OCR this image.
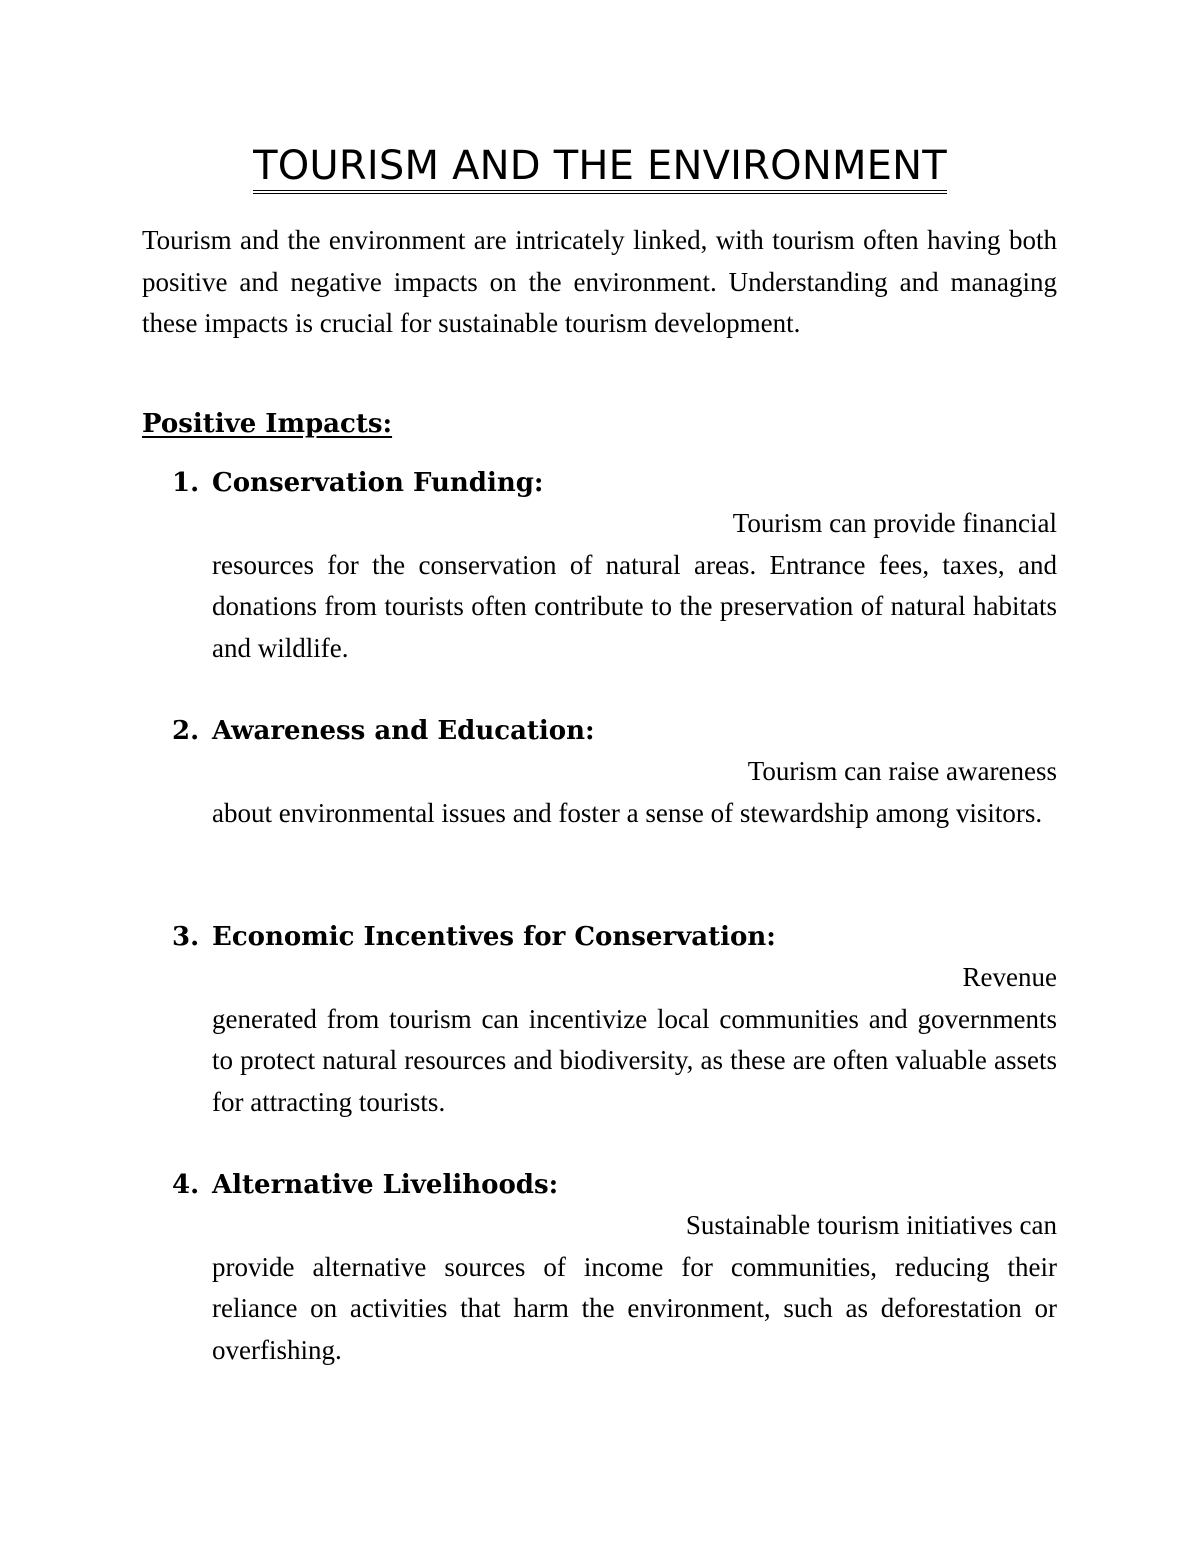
TOURISM AND THE ENVIRONMENT
Tourism and the environment are intricately linked, with tourism often having both positive and negative impacts on the environment. Understanding and managing these impacts is crucial for sustainable tourism development.
Positive Impacts:
1. Conservation Funding:
Tourism can provide financial
resources for the conservation of natural areas. Entrance fees, taxes, and donations from tourists often contribute to the preservation of natural habitats and wildlife.
2. Awareness and Education:
Tourism can raise awareness
about environmental issues and foster a sense of stewardship among visitors.
3. Economic Incentives for Conservation:
Revenue
generated from tourism can incentivize local communities and governments to protect natural resources and biodiversity, as these are often valuable assets for attracting tourists.
4. Alternative Livelihoods:
Sustainable tourism initiatives can
provide alternative sources of income for communities, reducing their reliance on activities that harm the environment, such as deforestation or overfishing.
